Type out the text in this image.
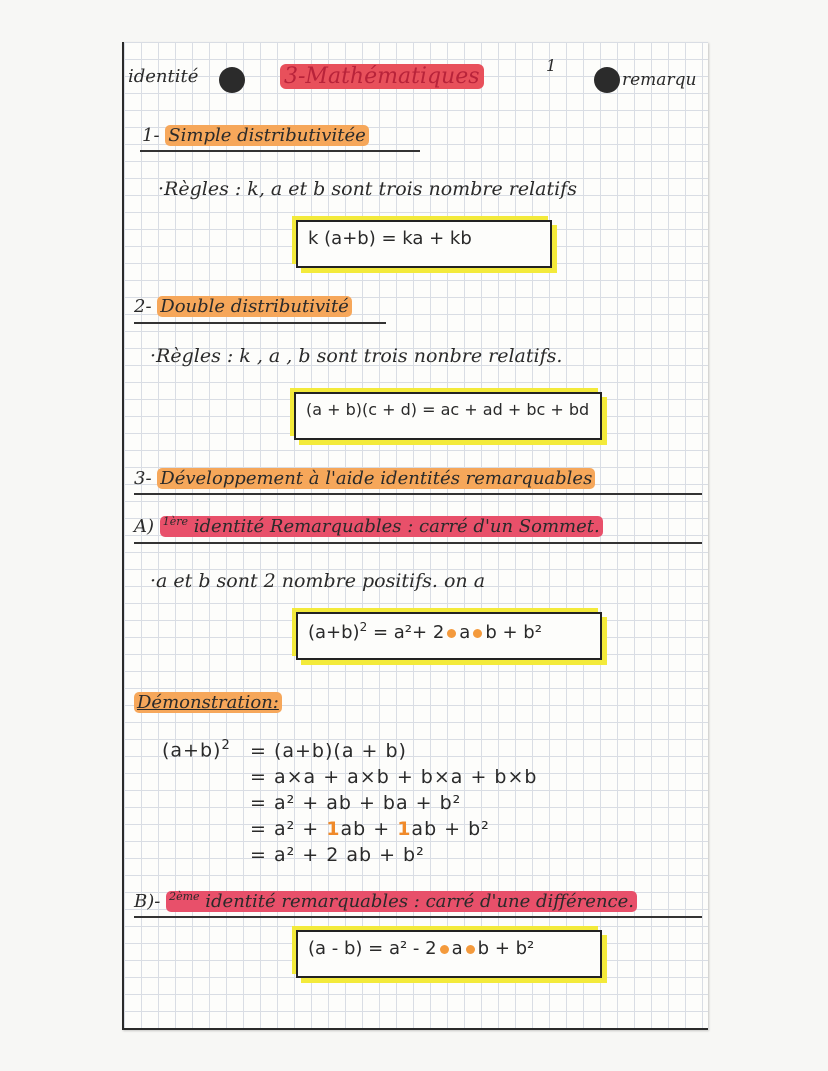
identité	3-Mathématiques	1
remarqu
1- Simple distributivitée
·Règles : k, a et b sont trois nombre relatifs
k (a+b) = ka + kb
2- Double distributivité
·Règles : k , a , b sont trois nonbre relatifs.
(a + b)(c + d) = ac + ad + bc + bd
3- Développement à l'aide identités remarquables
A) $^{1ère}$ identité Remarquables : carré d'un Sommet.
·a et b sont 2 nombre positifs. on a
$(a+b)^2 = a^2+ 2$ a b + b²
Démonstration:
$(a+b)^2 = (a+b)(a + b)$
= a×a + a×b + b×a + b×b
= a² + ab + ba + b²
= a² + 1ab + 1ab + b²
= a² + 2 ab + b²
B)- $^{2ème}$ identité remarquables : carré d'une différence.
(a - b) = a² - 2 a b + b²
